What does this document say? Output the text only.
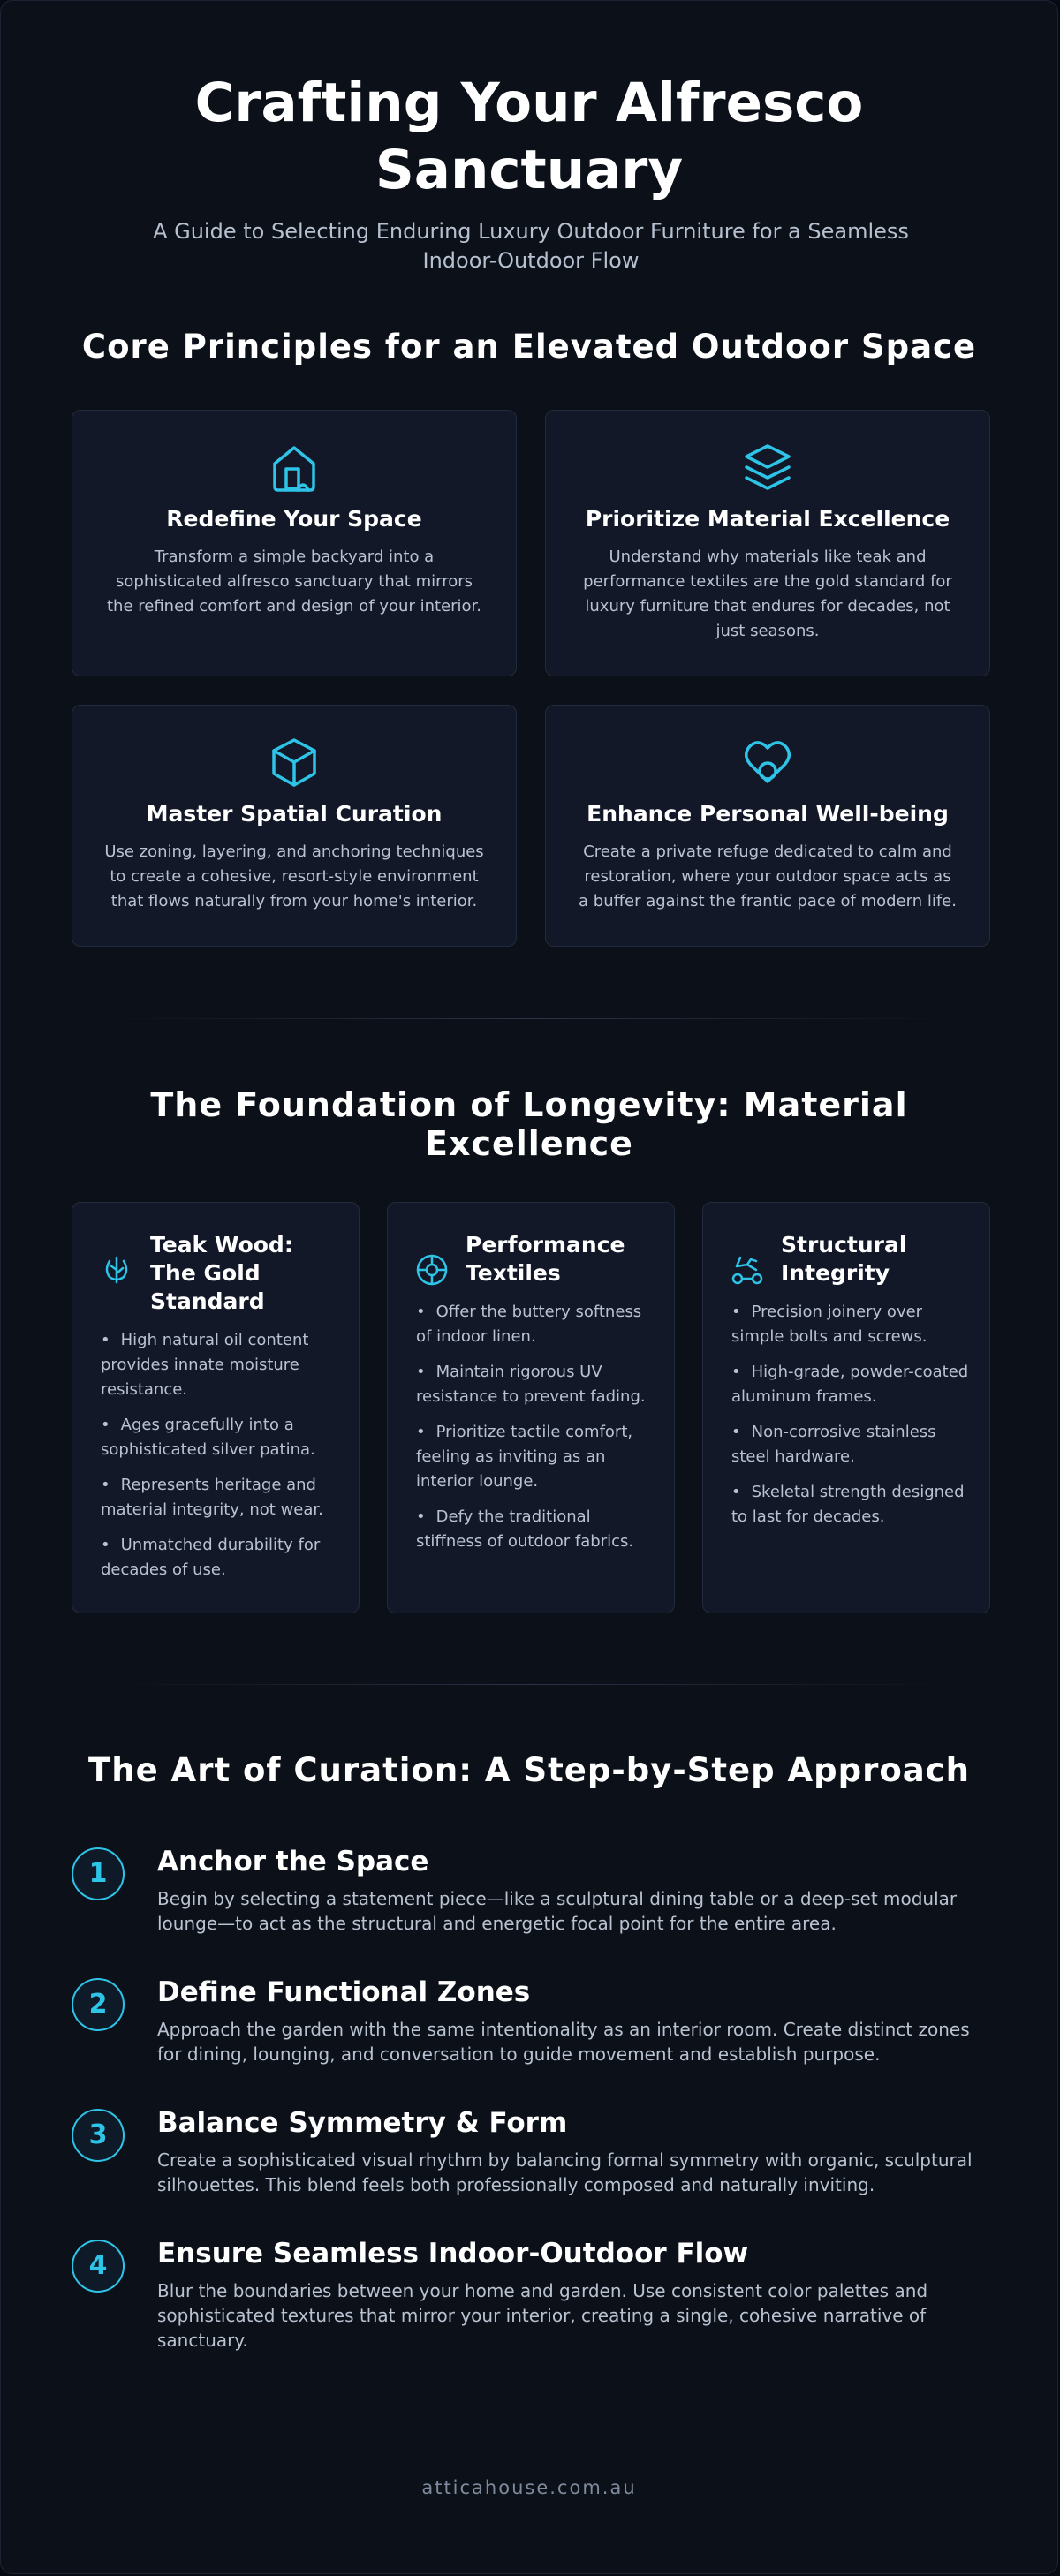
Crafting Your Alfresco
Sanctuary
A Guide to Selecting Enduring Luxury Outdoor Furniture for a Seamless Indoor-Outdoor Flow
Core Principles for an Elevated Outdoor Space
Redefine Your Space
Transform a simple backyard into a sophisticated alfresco sanctuary that mirrors the refined comfort and design of your interior.
Prioritize Material Excellence
Understand why materials like teak and performance textiles are the gold standard for luxury furniture that endures for decades, not just seasons.
Master Spatial Curation
Use zoning, layering, and anchoring techniques to create a cohesive, resort-style environment that flows naturally from your home's interior.
Enhance Personal Well-being
Create a private refuge dedicated to calm and restoration, where your outdoor space acts as a buffer against the frantic pace of modern life.
The Foundation of Longevity: Material
Excellence
Teak Wood: The Gold Standard
• High natural oil content provides innate moisture resistance.
• Ages gracefully into a sophisticated silver patina.
• Represents heritage and material integrity, not wear.
• Unmatched durability for decades of use.
Performance Textiles
• Offer the buttery softness of indoor linen.
• Maintain rigorous UV resistance to prevent fading.
• Prioritize tactile comfort, feeling as inviting as an interior lounge.
• Defy the traditional stiffness of outdoor fabrics.
Structural Integrity
• Precision joinery over simple bolts and screws.
• High-grade, powder-coated aluminum frames.
• Non-corrosive stainless steel hardware.
• Skeletal strength designed to last for decades.
The Art of Curation: A Step-by-Step Approach
1	Anchor the Space
Begin by selecting a statement piece—like a sculptural dining table or a deep-set modular lounge—to act as the structural and energetic focal point for the entire area.
2	Define Functional Zones
Approach the garden with the same intentionality as an interior room. Create distinct zones for dining, lounging, and conversation to guide movement and establish purpose.
3	Balance Symmetry & Form
Create a sophisticated visual rhythm by balancing formal symmetry with organic, sculptural silhouettes. This blend feels both professionally composed and naturally inviting.
4	Ensure Seamless Indoor-Outdoor Flow
Blur the boundaries between your home and garden. Use consistent color palettes and sophisticated textures that mirror your interior, creating a single, cohesive narrative of sanctuary.
atticahouse.com.au
